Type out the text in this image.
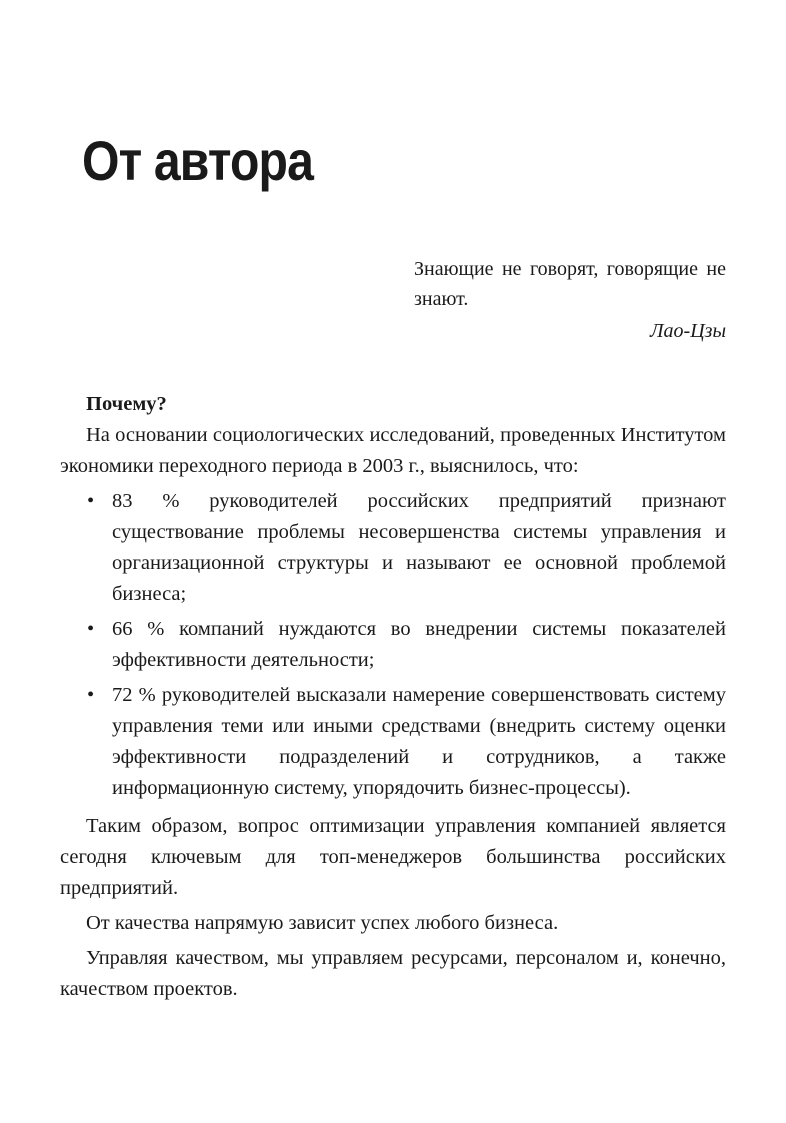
От автора

Знающие не говорят, говорящие не знают.

Лао-Цзы

Почему?

На основании социологических исследований, проведенных Институтом экономики переходного периода в 2003 г., выяснилось, что:

• 83 % руководителей российских предприятий признают существование проблемы несовершенства системы управления и организационной структуры и называют ее основной проблемой бизнеса;
• 66 % компаний нуждаются во внедрении системы показателей эффективности деятельности;
• 72 % руководителей высказали намерение совершенствовать систему управления теми или иными средствами (внедрить систему оценки эффективности подразделений и сотрудников, а также информационную систему, упорядочить бизнес-процессы).

Таким образом, вопрос оптимизации управления компанией является сегодня ключевым для топ-менеджеров большинства российских предприятий.

От качества напрямую зависит успех любого бизнеса.

Управляя качеством, мы управляем ресурсами, персоналом и, конечно, качеством проектов.
